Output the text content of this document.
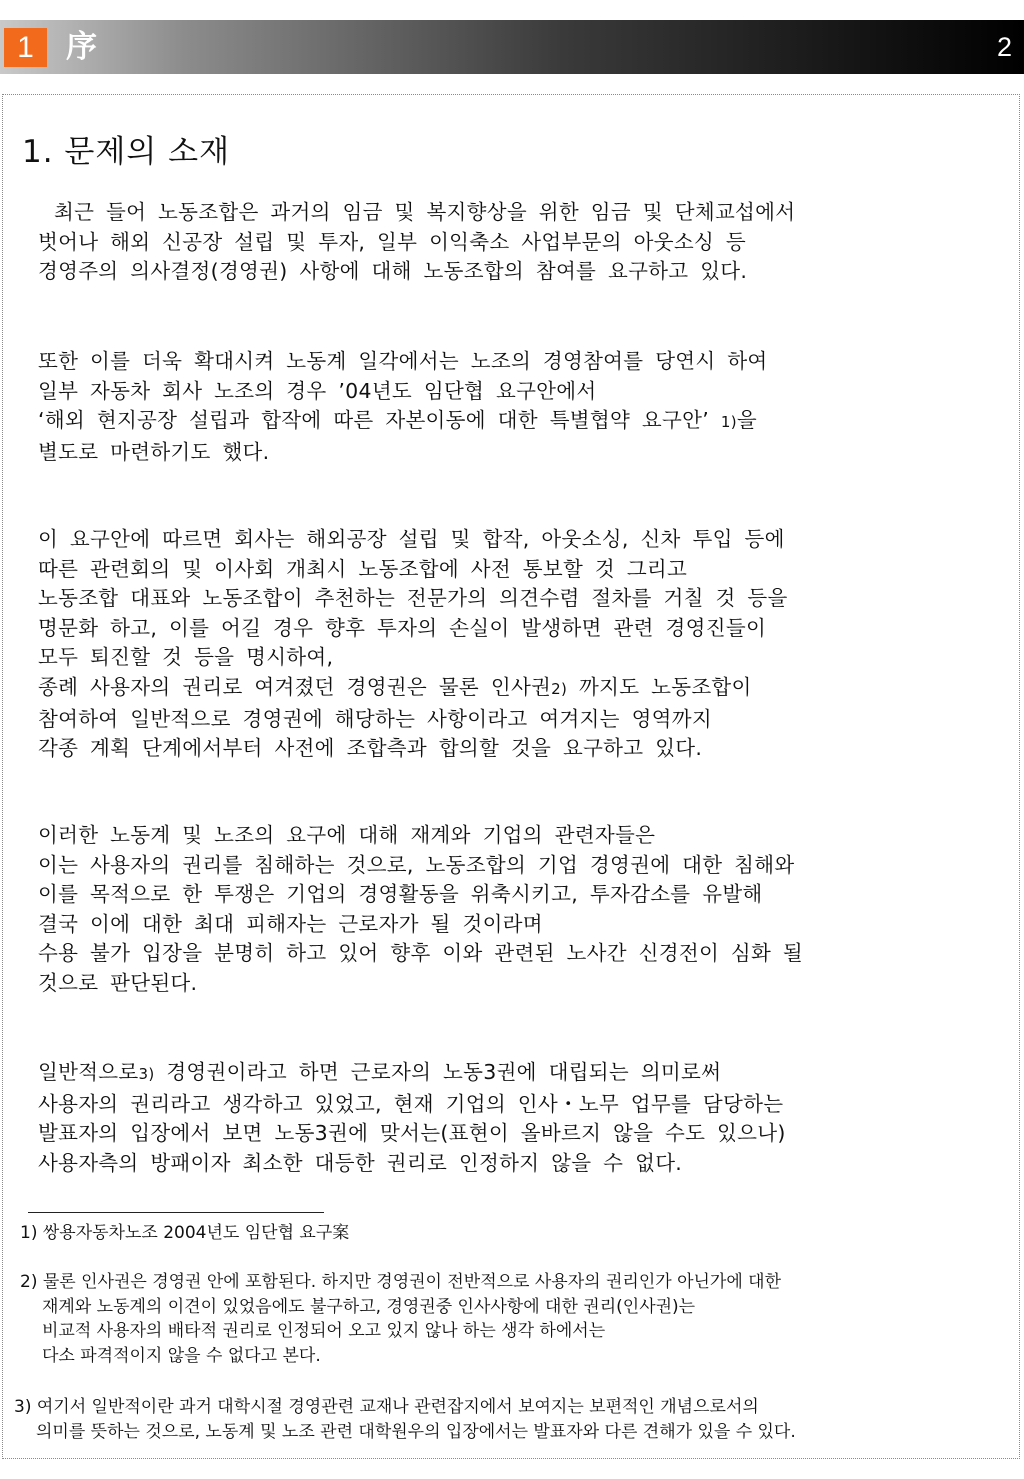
1	序	2
1. 문제의 소재

최근 들어 노동조합은 과거의 임금 및 복지향상을 위한 임금 및 단체교섭에서
벗어나 해외 신공장 설립 및 투자, 일부 이익축소 사업부문의 아웃소싱 등
경영주의 의사결정(경영권) 사항에 대해 노동조합의 참여를 요구하고 있다.

또한 이를 더욱 확대시켜 노동계 일각에서는 노조의 경영참여를 당연시 하여
일부 자동차 회사 노조의 경우 ’04년도 임단협 요구안에서
‘해외 현지공장 설립과 합작에 따른 자본이동에 대한 특별협약 요구안’ 1)을
별도로 마련하기도 했다.

이 요구안에 따르면 회사는 해외공장 설립 및 합작, 아웃소싱, 신차 투입 등에
따른 관련회의 및 이사회 개최시 노동조합에 사전 통보할 것 그리고
노동조합 대표와 노동조합이 추천하는 전문가의 의견수렴 절차를 거칠 것 등을
명문화 하고, 이를 어길 경우 향후 투자의 손실이 발생하면 관련 경영진들이
모두 퇴진할 것 등을 명시하여,
종례 사용자의 권리로 여겨졌던 경영권은 물론 인사권2) 까지도 노동조합이
참여하여 일반적으로 경영권에 해당하는 사항이라고 여겨지는 영역까지
각종 계획 단계에서부터 사전에 조합측과 합의할 것을 요구하고 있다.

이러한 노동계 및 노조의 요구에 대해 재계와 기업의 관련자들은
이는 사용자의 권리를 침해하는 것으로, 노동조합의 기업 경영권에 대한 침해와
이를 목적으로 한 투쟁은 기업의 경영활동을 위축시키고, 투자감소를 유발해
결국 이에 대한 최대 피해자는 근로자가 될 것이라며
수용 불가 입장을 분명히 하고 있어 향후 이와 관련된 노사간 신경전이 심화 될
것으로 판단된다.

일반적으로3) 경영권이라고 하면 근로자의 노동3권에 대립되는 의미로써
사용자의 권리라고 생각하고 있었고, 현재 기업의 인사・노무 업무를 담당하는
발표자의 입장에서 보면 노동3권에 맞서는(표현이 올바르지 않을 수도 있으나)
사용자측의 방패이자 최소한 대등한 권리로 인정하지 않을 수 없다.

1) 쌍용자동차노조 2004년도 임단협 요구案

2) 물론 인사권은 경영권 안에 포함된다. 하지만 경영권이 전반적으로 사용자의 권리인가 아닌가에 대한
재계와 노동계의 이견이 있었음에도 불구하고, 경영권중 인사사항에 대한 권리(인사권)는
비교적 사용자의 배타적 권리로 인정되어 오고 있지 않나 하는 생각 하에서는
다소 파격적이지 않을 수 없다고 본다.

3) 여기서 일반적이란 과거 대학시절 경영관련 교재나 관련잡지에서 보여지는 보편적인 개념으로서의
의미를 뜻하는 것으로, 노동계 및 노조 관련 대학원우의 입장에서는 발표자와 다른 견해가 있을 수 있다.
